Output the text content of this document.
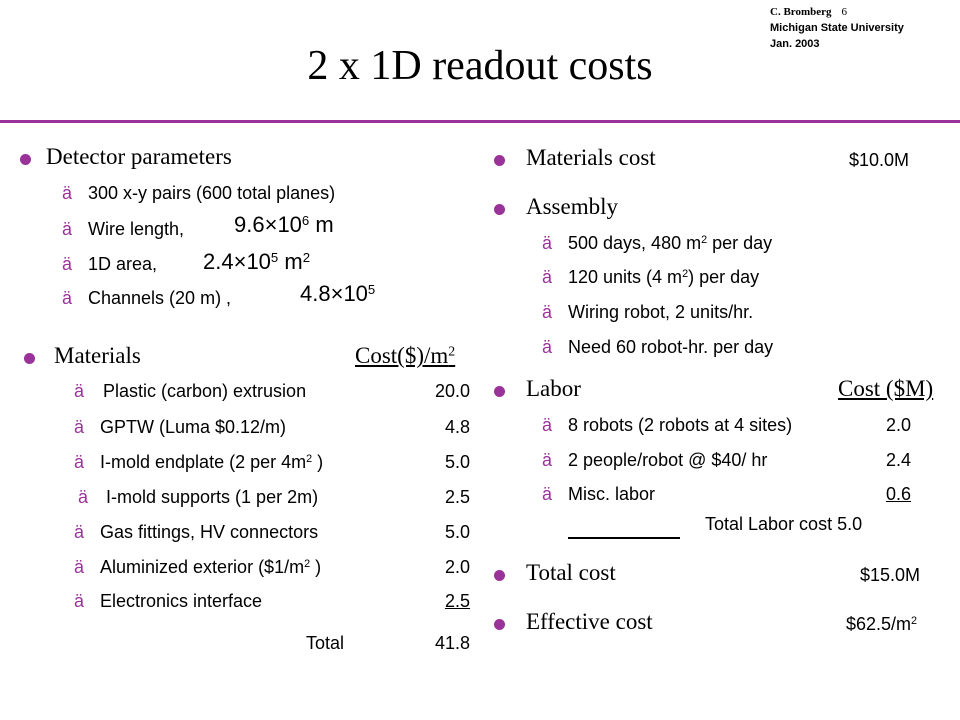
C. Bromberg 6
Michigan State University
Jan. 2003
2 x 1D readout costs
Detector parameters
ä 300 x-y pairs (600 total planes)
ä Wire length, $9.6\times 10^6$ m
ä 1D area, $2.4\times 10^5$ $m^2$
ä Channels (20 m) ,	$4.8\times 10^5$
Materials	$Cost(\$)/m^2$
ä Plastic (carbon) extrusion	20.0
ä GPTW (Luma $0.12/m)	4.8
ä I-mold endplate (2 per $4m^2$ )	5.0
ä I-mold supports (1 per 2m)	2.5
ä Gas fittings, HV connectors	5.0
ä Aluminized exterior ($\$1/m^2$ )	2.0
ä Electronics interface	2.5
Total	41.8
Materials cost	$10.0M
Assembly
ä 500 days, 480 $m^2$ per day
ä 120 units (4 $m^2$) per day
ä Wiring robot, 2 units/hr.
ä Need 60 robot-hr. per day
Labor	Cost ($M)
ä 8 robots (2 robots at 4 sites)	2.0
ä 2 people/robot @ $40/ hr	2.4
ä Misc. labor	0.6
Total Labor cost 5.0
Total cost	$15.0M
Effective cost	$\$62.5/m^2$
